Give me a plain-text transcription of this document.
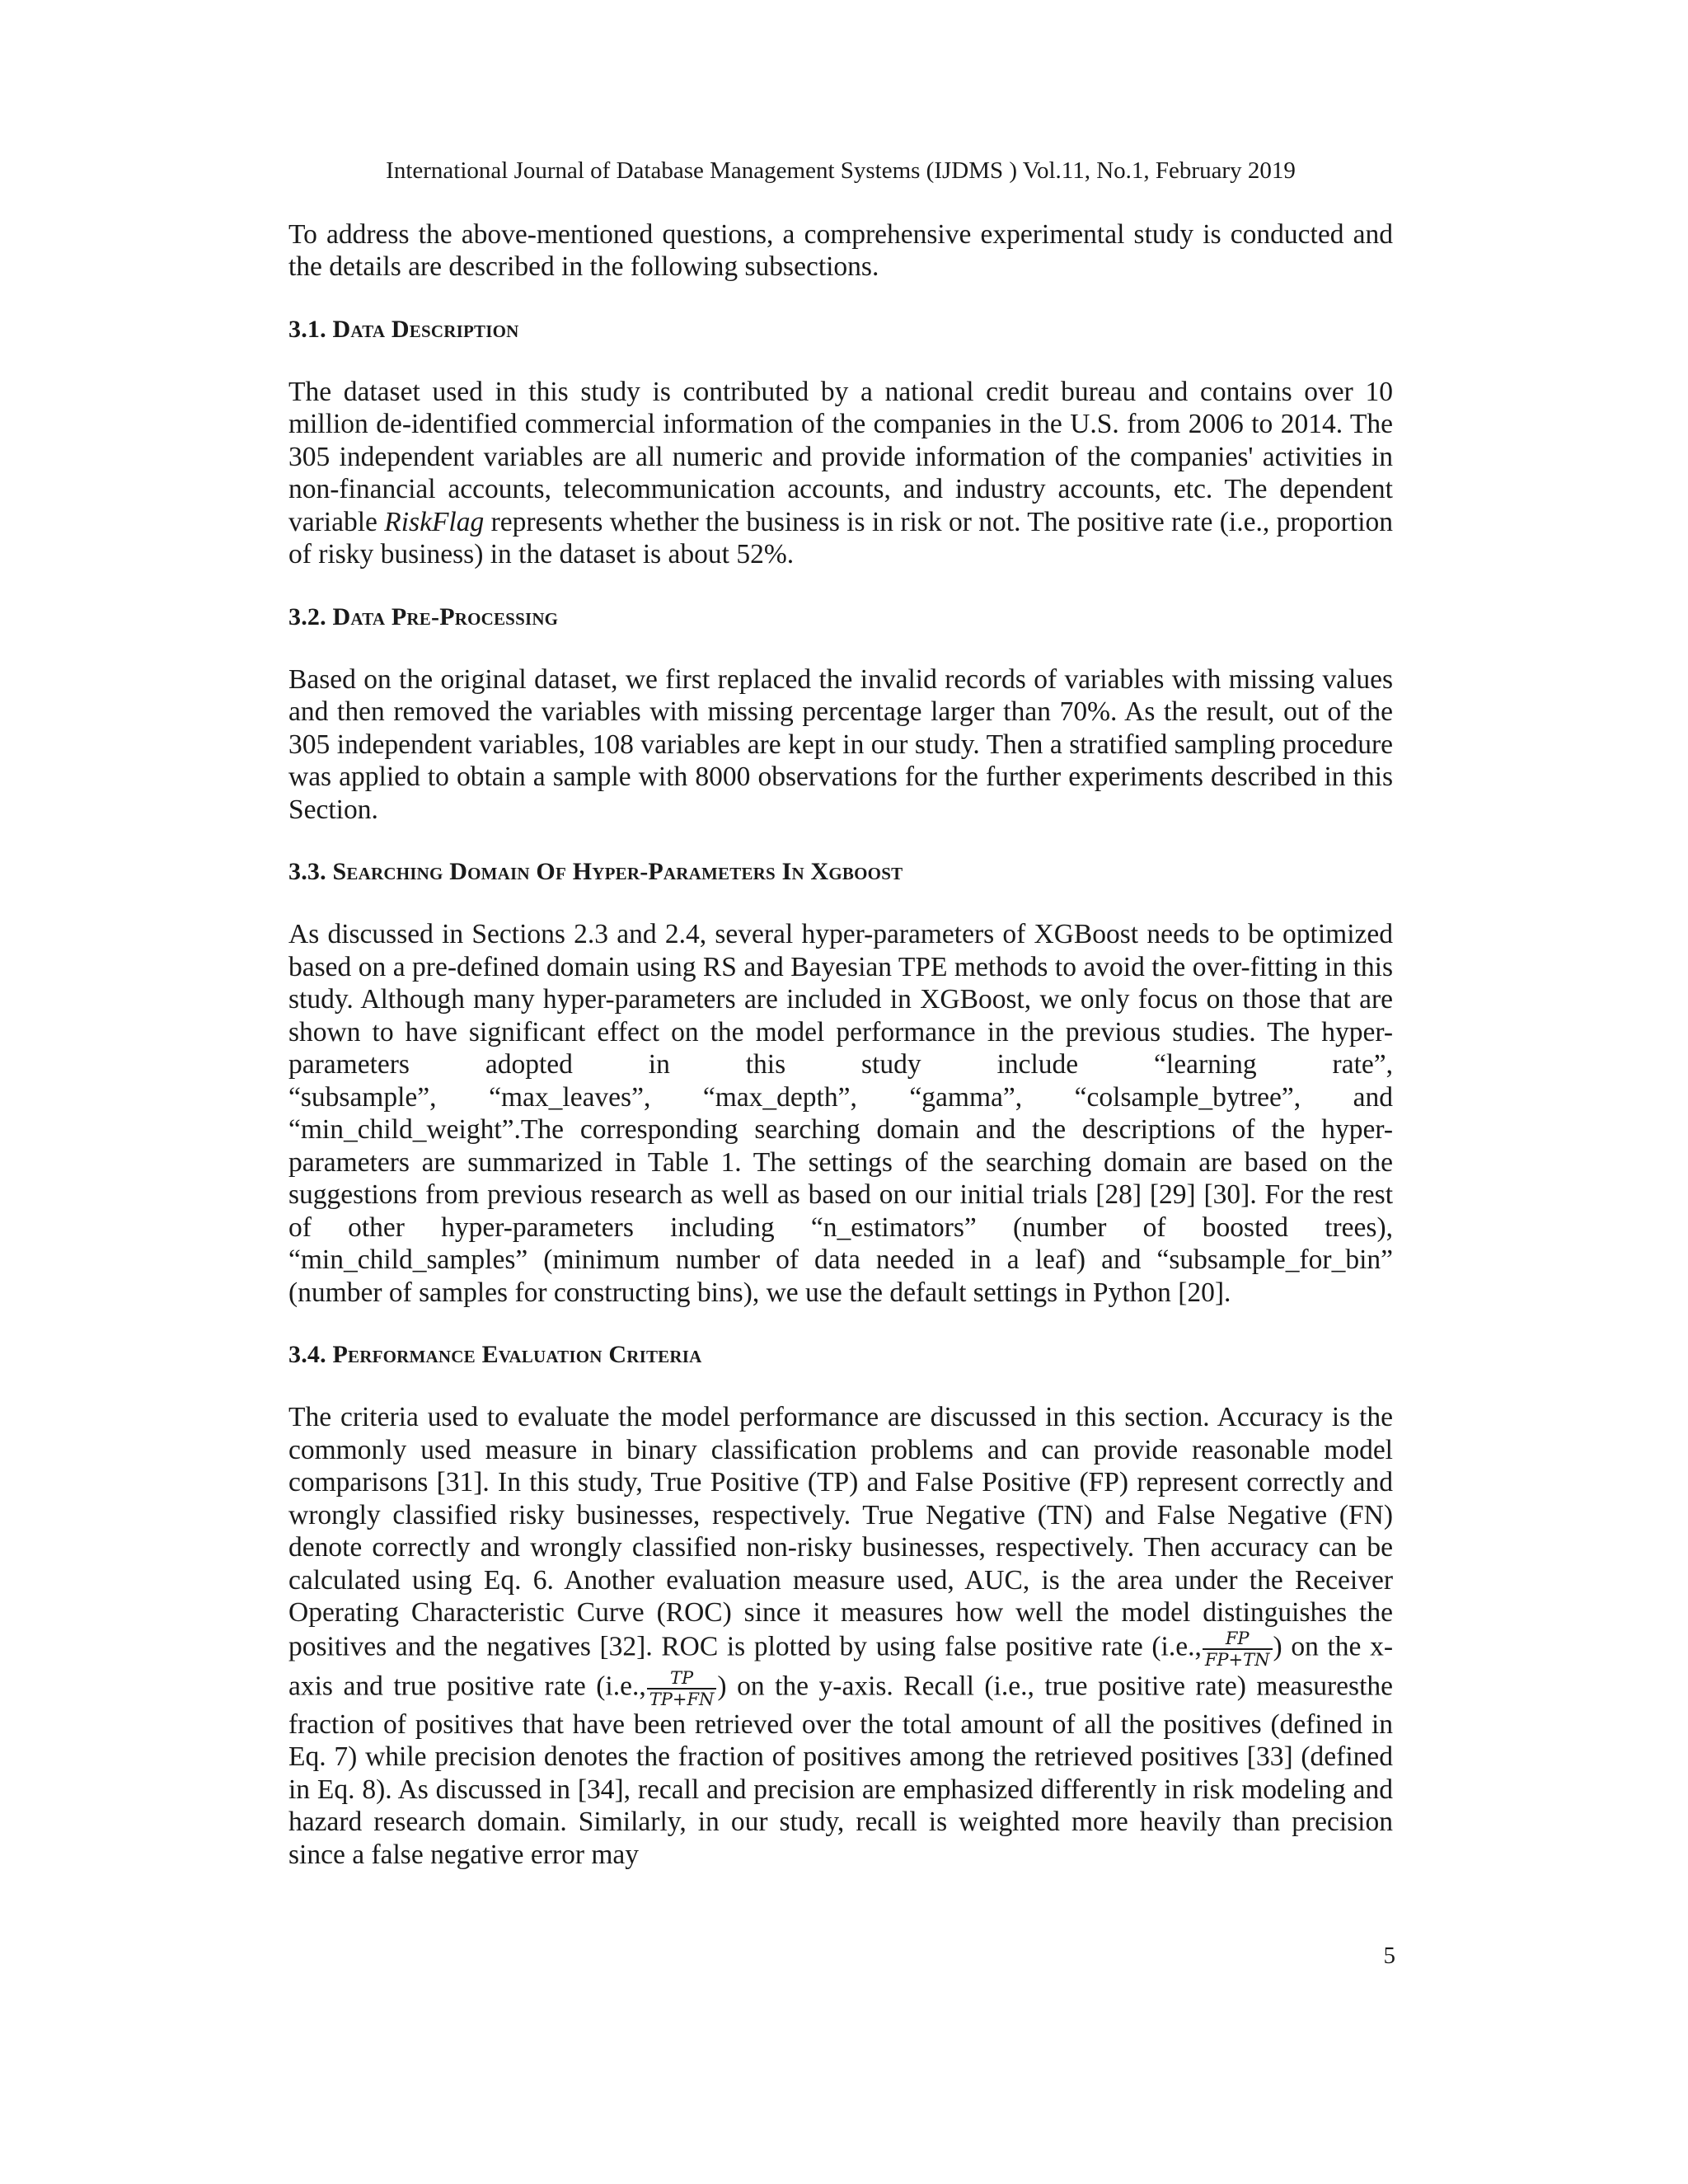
International Journal of Database Management Systems (IJDMS ) Vol.11, No.1, February 2019

To address the above-mentioned questions, a comprehensive experimental study is conducted and the details are described in the following subsections.

3.1. Data Description

The dataset used in this study is contributed by a national credit bureau and contains over 10 million de-identified commercial information of the companies in the U.S. from 2006 to 2014. The 305 independent variables are all numeric and provide information of the companies' activities in non-financial accounts, telecommunication accounts, and industry accounts, etc. The dependent variable RiskFlag represents whether the business is in risk or not. The positive rate (i.e., proportion of risky business) in the dataset is about 52%.

3.2. Data Pre-Processing

Based on the original dataset, we first replaced the invalid records of variables with missing values and then removed the variables with missing percentage larger than 70%. As the result, out of the 305 independent variables, 108 variables are kept in our study. Then a stratified sampling procedure was applied to obtain a sample with 8000 observations for the further experiments described in this Section.

3.3. Searching Domain Of Hyper-Parameters In Xgboost

As discussed in Sections 2.3 and 2.4, several hyper-parameters of XGBoost needs to be optimized based on a pre-defined domain using RS and Bayesian TPE methods to avoid the over-fitting in this study. Although many hyper-parameters are included in XGBoost, we only focus on those that are shown to have significant effect on the model performance in the previous studies. The hyper-parameters adopted in this study include “learning rate”,

“subsample”, “max_leaves”, “max_depth”, “gamma”, “colsample_bytree”, and

“min_child_weight”.The corresponding searching domain and the descriptions of the hyper-parameters are summarized in Table 1. The settings of the searching domain are based on the suggestions from previous research as well as based on our initial trials [28] [29] [30]. For the rest of other hyper-parameters including “n_estimators” (number of boosted trees), “min_child_samples” (minimum number of data needed in a leaf) and “subsample_for_bin” (number of samples for constructing bins), we use the default settings in Python [20].

3.4. Performance Evaluation Criteria

The criteria used to evaluate the model performance are discussed in this section. Accuracy is the commonly used measure in binary classification problems and can provide reasonable model comparisons [31]. In this study, True Positive (TP) and False Positive (FP) represent correctly and wrongly classified risky businesses, respectively. True Negative (TN) and False Negative (FN) denote correctly and wrongly classified non-risky businesses, respectively. Then accuracy can be calculated using Eq. 6. Another evaluation measure used, AUC, is the area under the Receiver Operating Characteristic Curve (ROC) since it measures how well the model distinguishes the positives and the negatives [32]. ROC is plotted by using false positive rate (i.e., $\frac{FP}{FP+TN}$ ) on the x-axis and true positive rate (i.e., $\frac{TP}{TP+FN}$ ) on the y-axis. Recall (i.e., true positive rate) measuresthe fraction of positives that have been retrieved over the total amount of all the positives (defined in Eq. 7) while precision denotes the fraction of positives among the retrieved positives [33] (defined in Eq. 8). As discussed in [34], recall and precision are emphasized differently in risk modeling and hazard research domain. Similarly, in our study, recall is weighted more heavily than precision since a false negative error may

5
